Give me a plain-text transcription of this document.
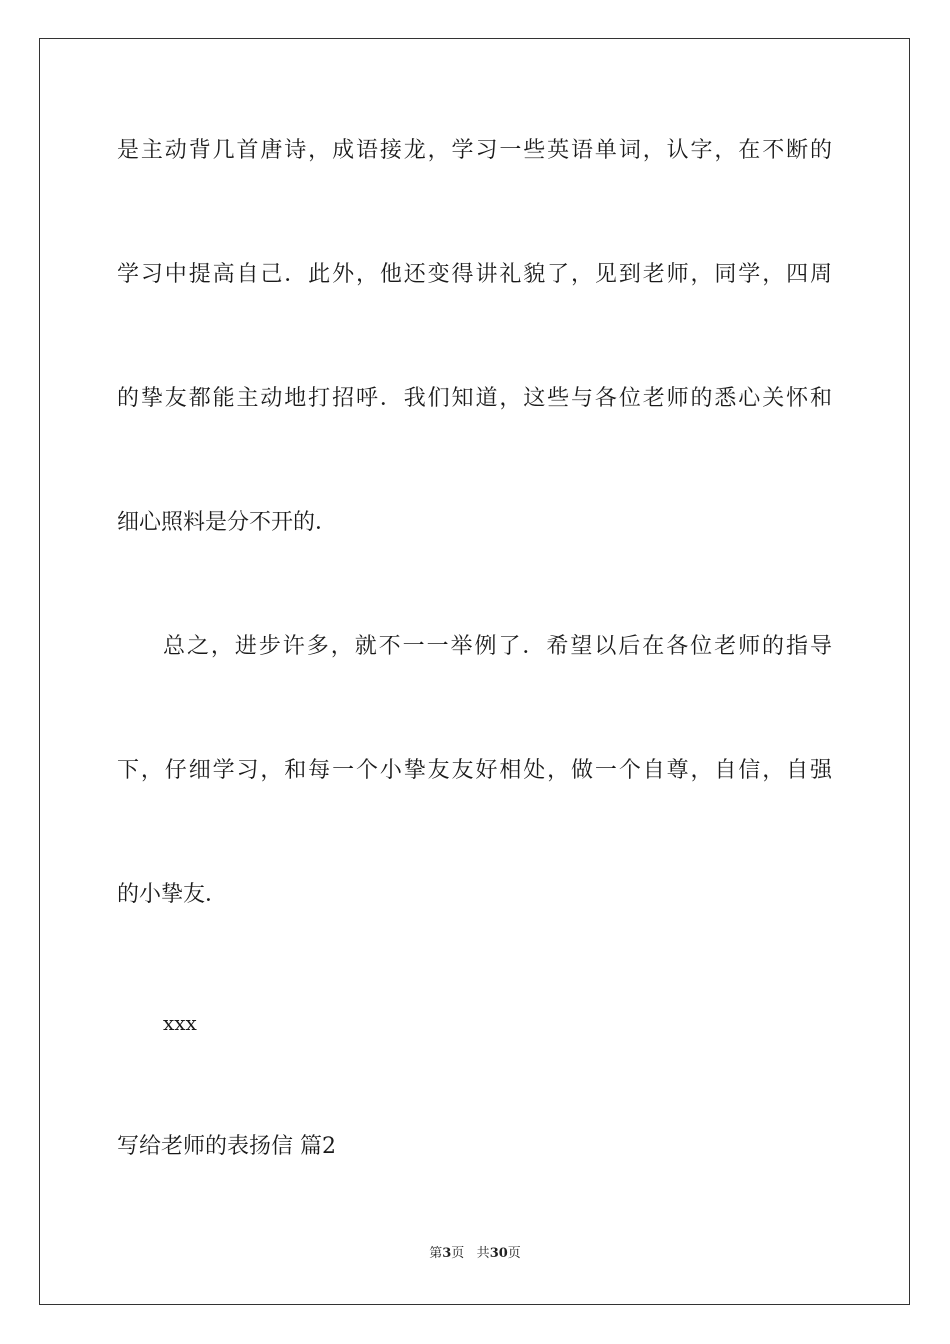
是主动背几首唐诗，成语接龙，学习一些英语单词，认字，在不断的
学习中提高自己．此外，他还变得讲礼貌了，见到老师，同学，四周
的挚友都能主动地打招呼．我们知道，这些与各位老师的悉心关怀和
细心照料是分不开的．
总之，进步许多，就不一一举例了．希望以后在各位老师的指导
下，仔细学习，和每一个小挚友友好相处，做一个自尊，自信，自强
的小挚友．
xxx
写给老师的表扬信 篇2
第3页 共30页
